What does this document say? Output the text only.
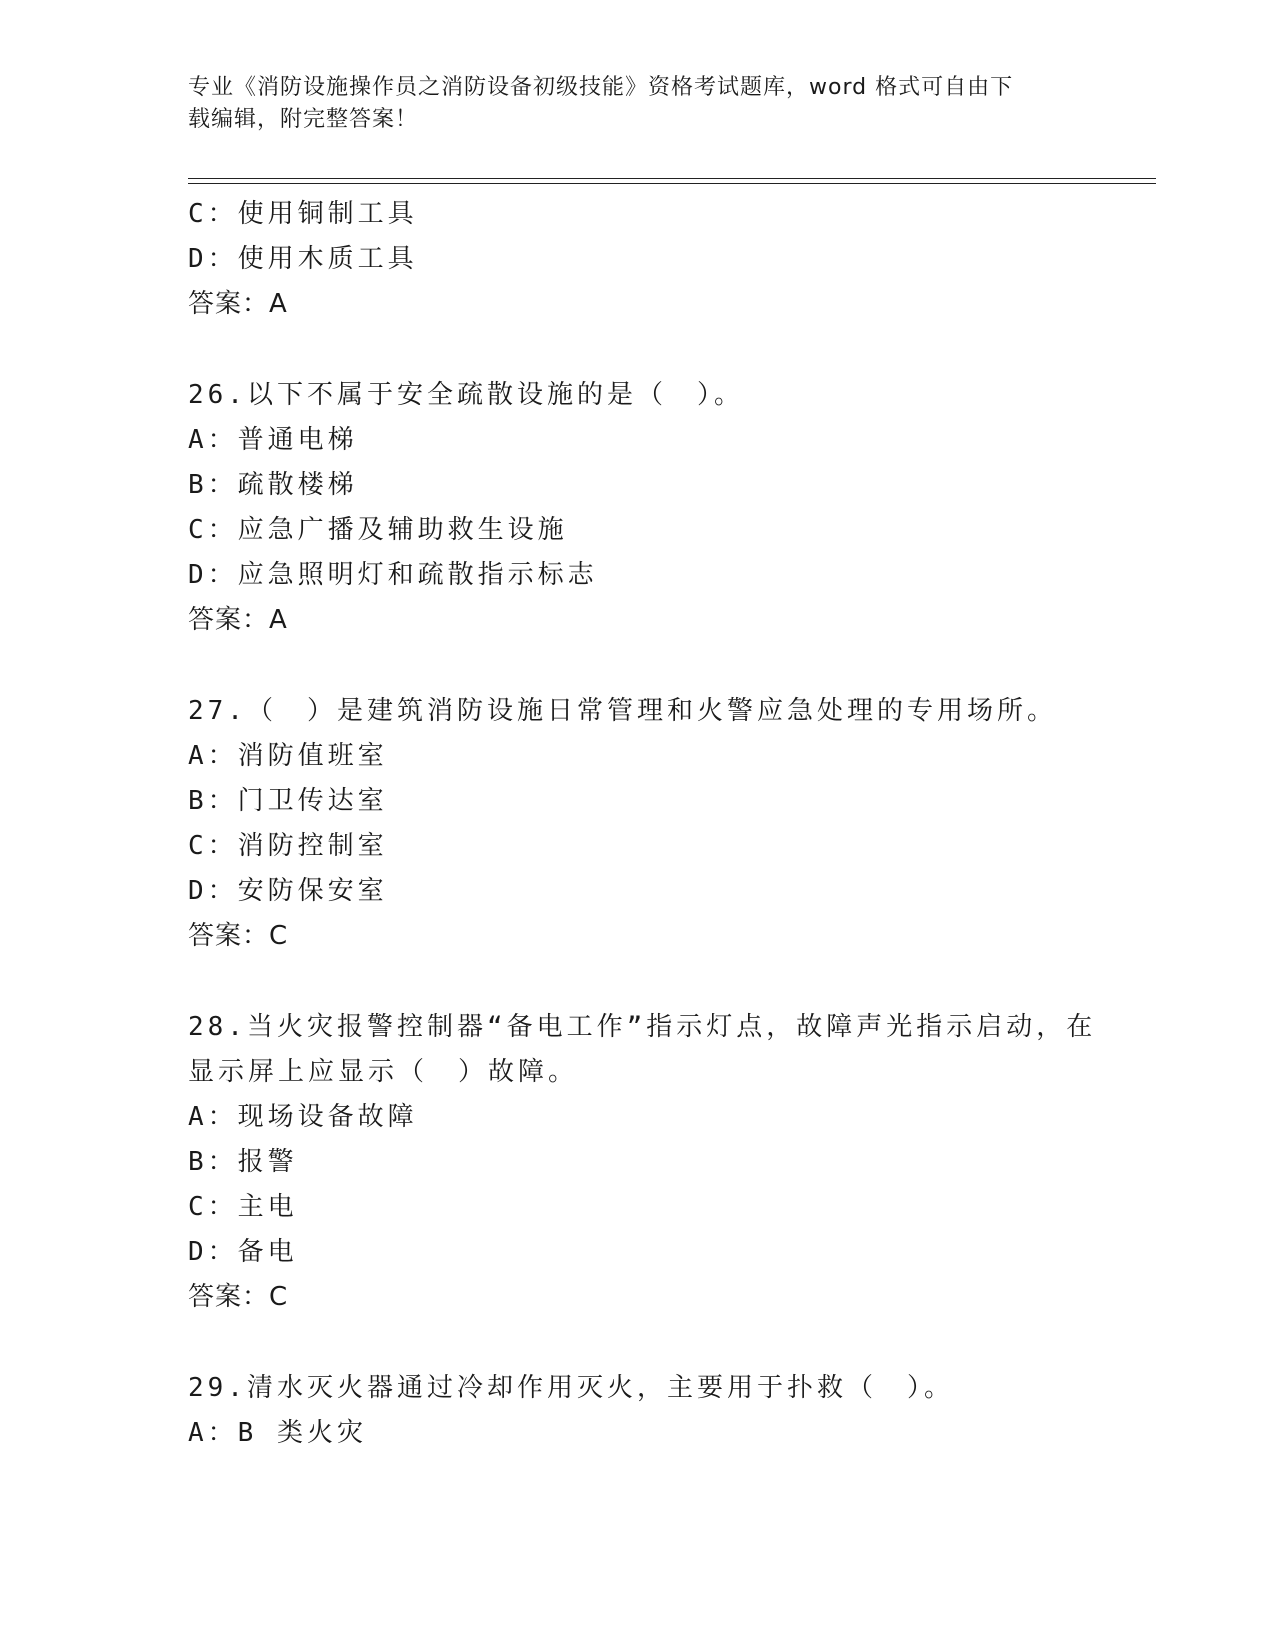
专业《消防设施操作员之消防设备初级技能》资格考试题库，word 格式可自由下
载编辑，附完整答案！
C：使用铜制工具
D：使用木质工具
答案：A
26.以下不属于安全疏散设施的是（　）。
A：普通电梯
B：疏散楼梯
C：应急广播及辅助救生设施
D：应急照明灯和疏散指示标志
答案：A
27.（　）是建筑消防设施日常管理和火警应急处理的专用场所。
A：消防值班室
B：门卫传达室
C：消防控制室
D：安防保安室
答案：C
28.当火灾报警控制器“备电工作”指示灯点，故障声光指示启动，在
显示屏上应显示（　）故障。
A：现场设备故障
B：报警
C：主电
D：备电
答案：C
29.清水灭火器通过冷却作用灭火，主要用于扑救（　）。
A：B 类火灾
